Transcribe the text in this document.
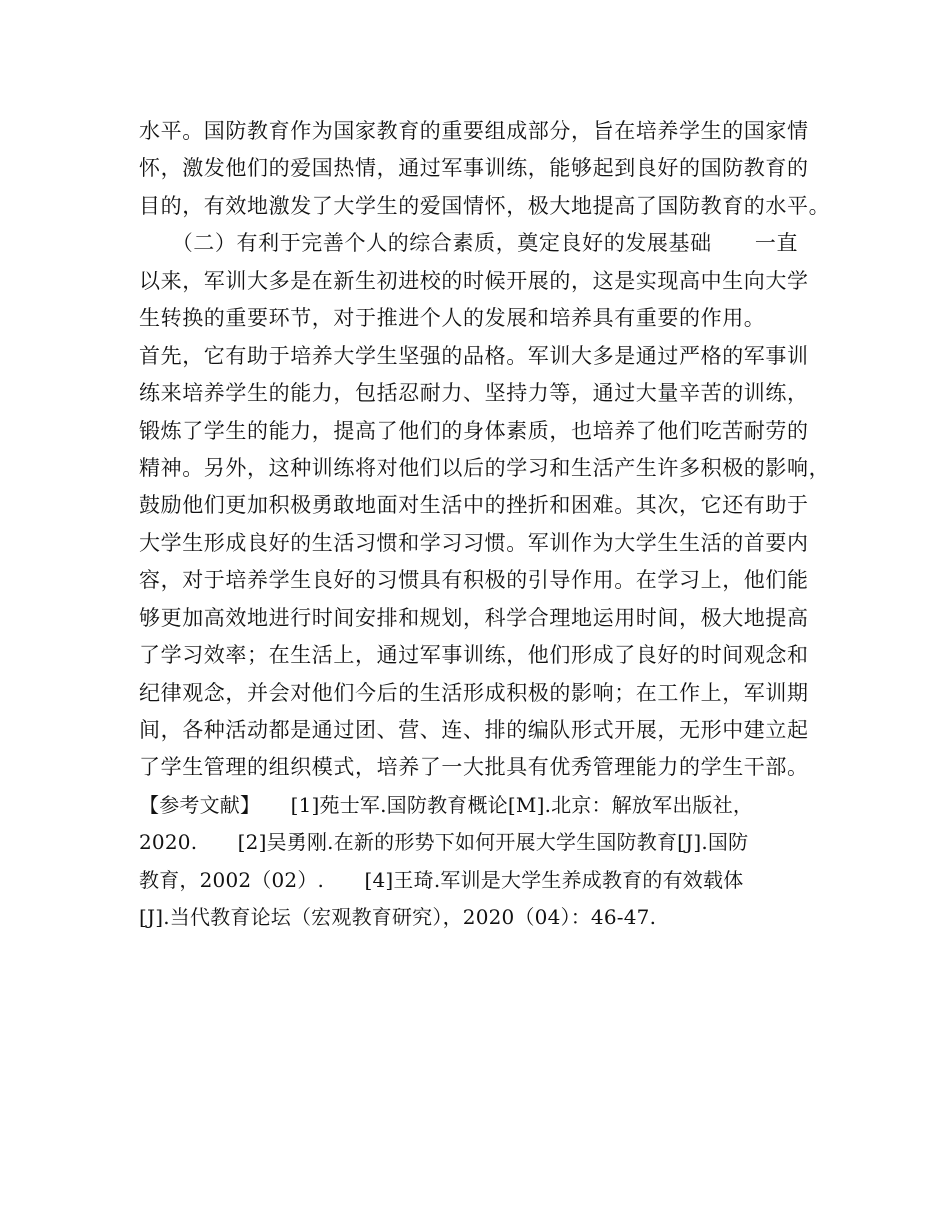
水平。国防教育作为国家教育的重要组成部分，旨在培养学生的国家情
怀，激发他们的爱国热情，通过军事训练，能够起到良好的国防教育的
目的，有效地激发了大学生的爱国情怀，极大地提高了国防教育的水平。
　　（二）有利于完善个人的综合素质，奠定良好的发展基础　　一直
以来，军训大多是在新生初进校的时候开展的，这是实现高中生向大学
生转换的重要环节，对于推进个人的发展和培养具有重要的作用。
首先，它有助于培养大学生坚强的品格。军训大多是通过严格的军事训
练来培养学生的能力，包括忍耐力、坚持力等，通过大量辛苦的训练，
锻炼了学生的能力，提高了他们的身体素质，也培养了他们吃苦耐劳的
精神。另外，这种训练将对他们以后的学习和生活产生许多积极的影响，
鼓励他们更加积极勇敢地面对生活中的挫折和困难。其次，它还有助于
大学生形成良好的生活习惯和学习习惯。军训作为大学生生活的首要内
容，对于培养学生良好的习惯具有积极的引导作用。在学习上，他们能
够更加高效地进行时间安排和规划，科学合理地运用时间，极大地提高
了学习效率；在生活上，通过军事训练，他们形成了良好的时间观念和
纪律观念，并会对他们今后的生活形成积极的影响；在工作上，军训期
间，各种活动都是通过团、营、连、排的编队形式开展，无形中建立起
了学生管理的组织模式，培养了一大批具有优秀管理能力的学生干部。
【参考文献】　　[1]苑士军.国防教育概论[M].北京：解放军出版社，
2020.　　[2]吴勇刚.在新的形势下如何开展大学生国防教育[J].国防
教育，2002（02）.　　[4]王琦.军训是大学生养成教育的有效载体
[J].当代教育论坛（宏观教育研究），2020（04）：46-47.
